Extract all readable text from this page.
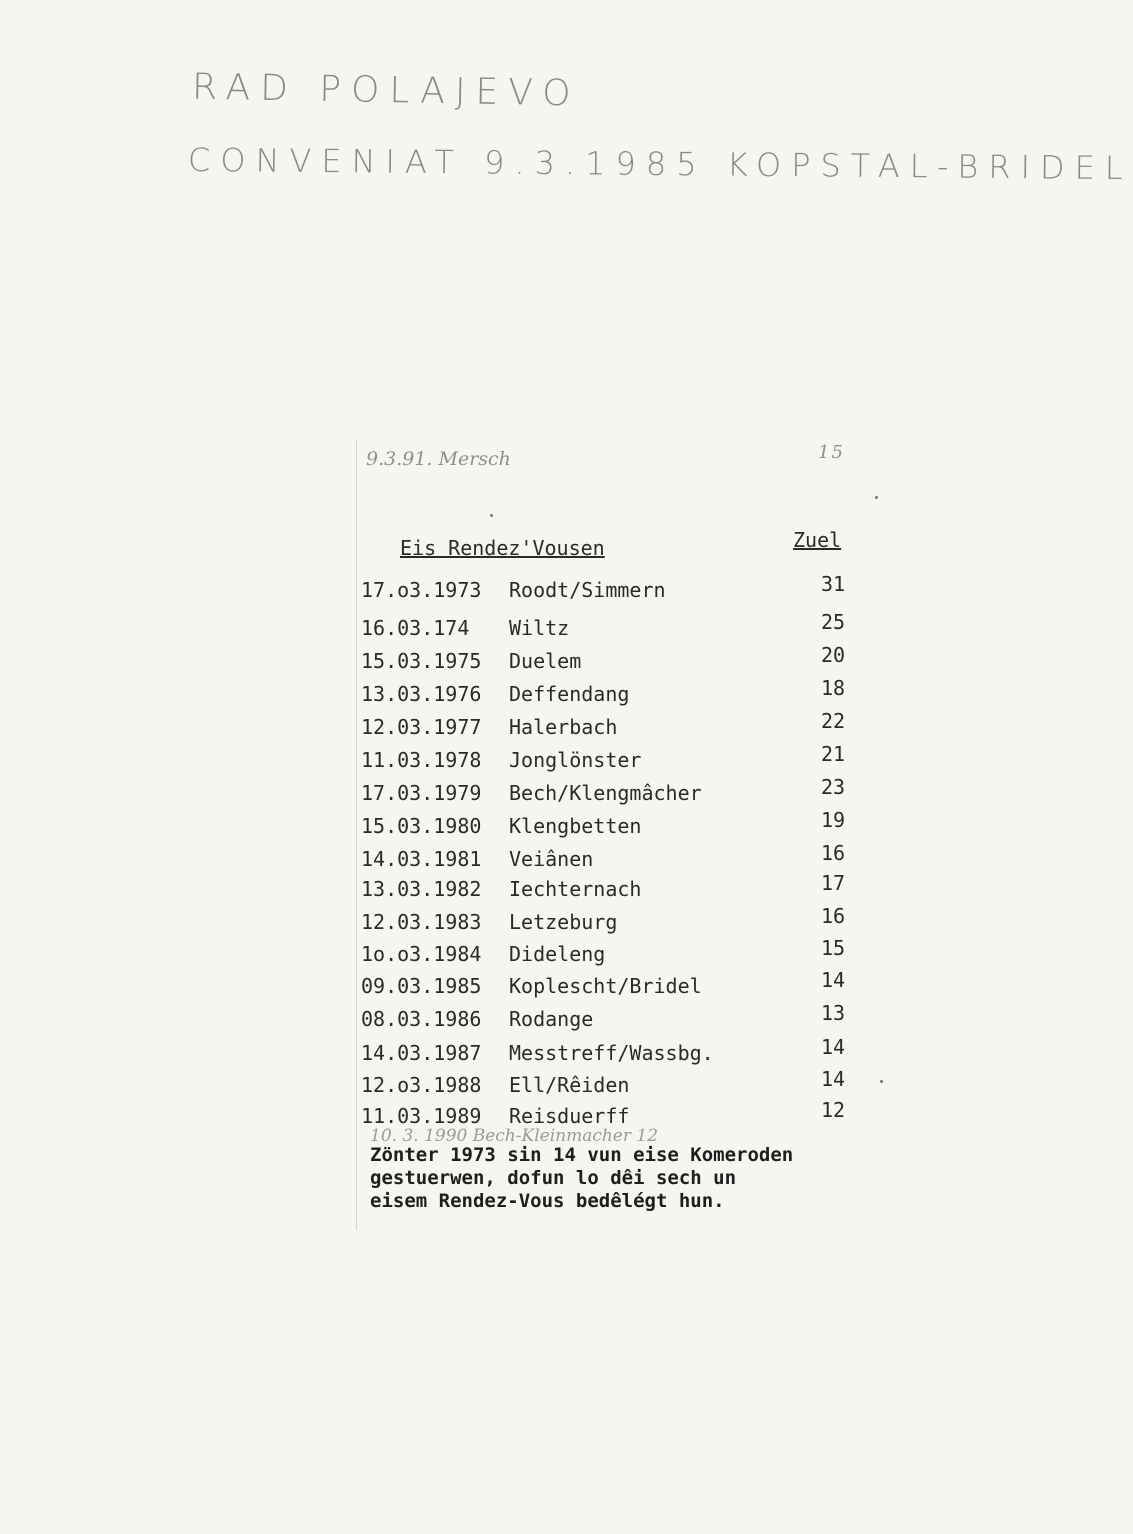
RAD POLAJEVO
CONVENIAT 9.3.1985 KOPSTAL-BRIDEL
9.3.91. Mersch	15
Eis Rendez'Vousen	Zuel
17.o3.1973 Roodt/Simmern	31
16.03.174 Wiltz	25
15.03.1975 Duelem	20
13.03.1976 Deffendang	18
12.03.1977 Halerbach	22
11.03.1978 Jonglönster	21
17.03.1979 Bech/Klengmâcher	23
15.03.1980 Klengbetten	19
14.03.1981 Veiânen	16
13.03.1982 Iechternach	17
12.03.1983 Letzeburg	16
1o.o3.1984 Dideleng	15
09.03.1985 Koplescht/Bridel	14
08.03.1986 Rodange	13
14.03.1987 Messtreff/Wassbg.	14
12.o3.1988 Ell/Rêiden	14
11.03.1989 Reisduerff	12
10. 3. 1990 Bech-Kleinmacher 12
Zönter 1973 sin 14 vun eise Komeroden
gestuerwen, dofun lo dêi sech un
eisem Rendez-Vous bedêlégt hun.
